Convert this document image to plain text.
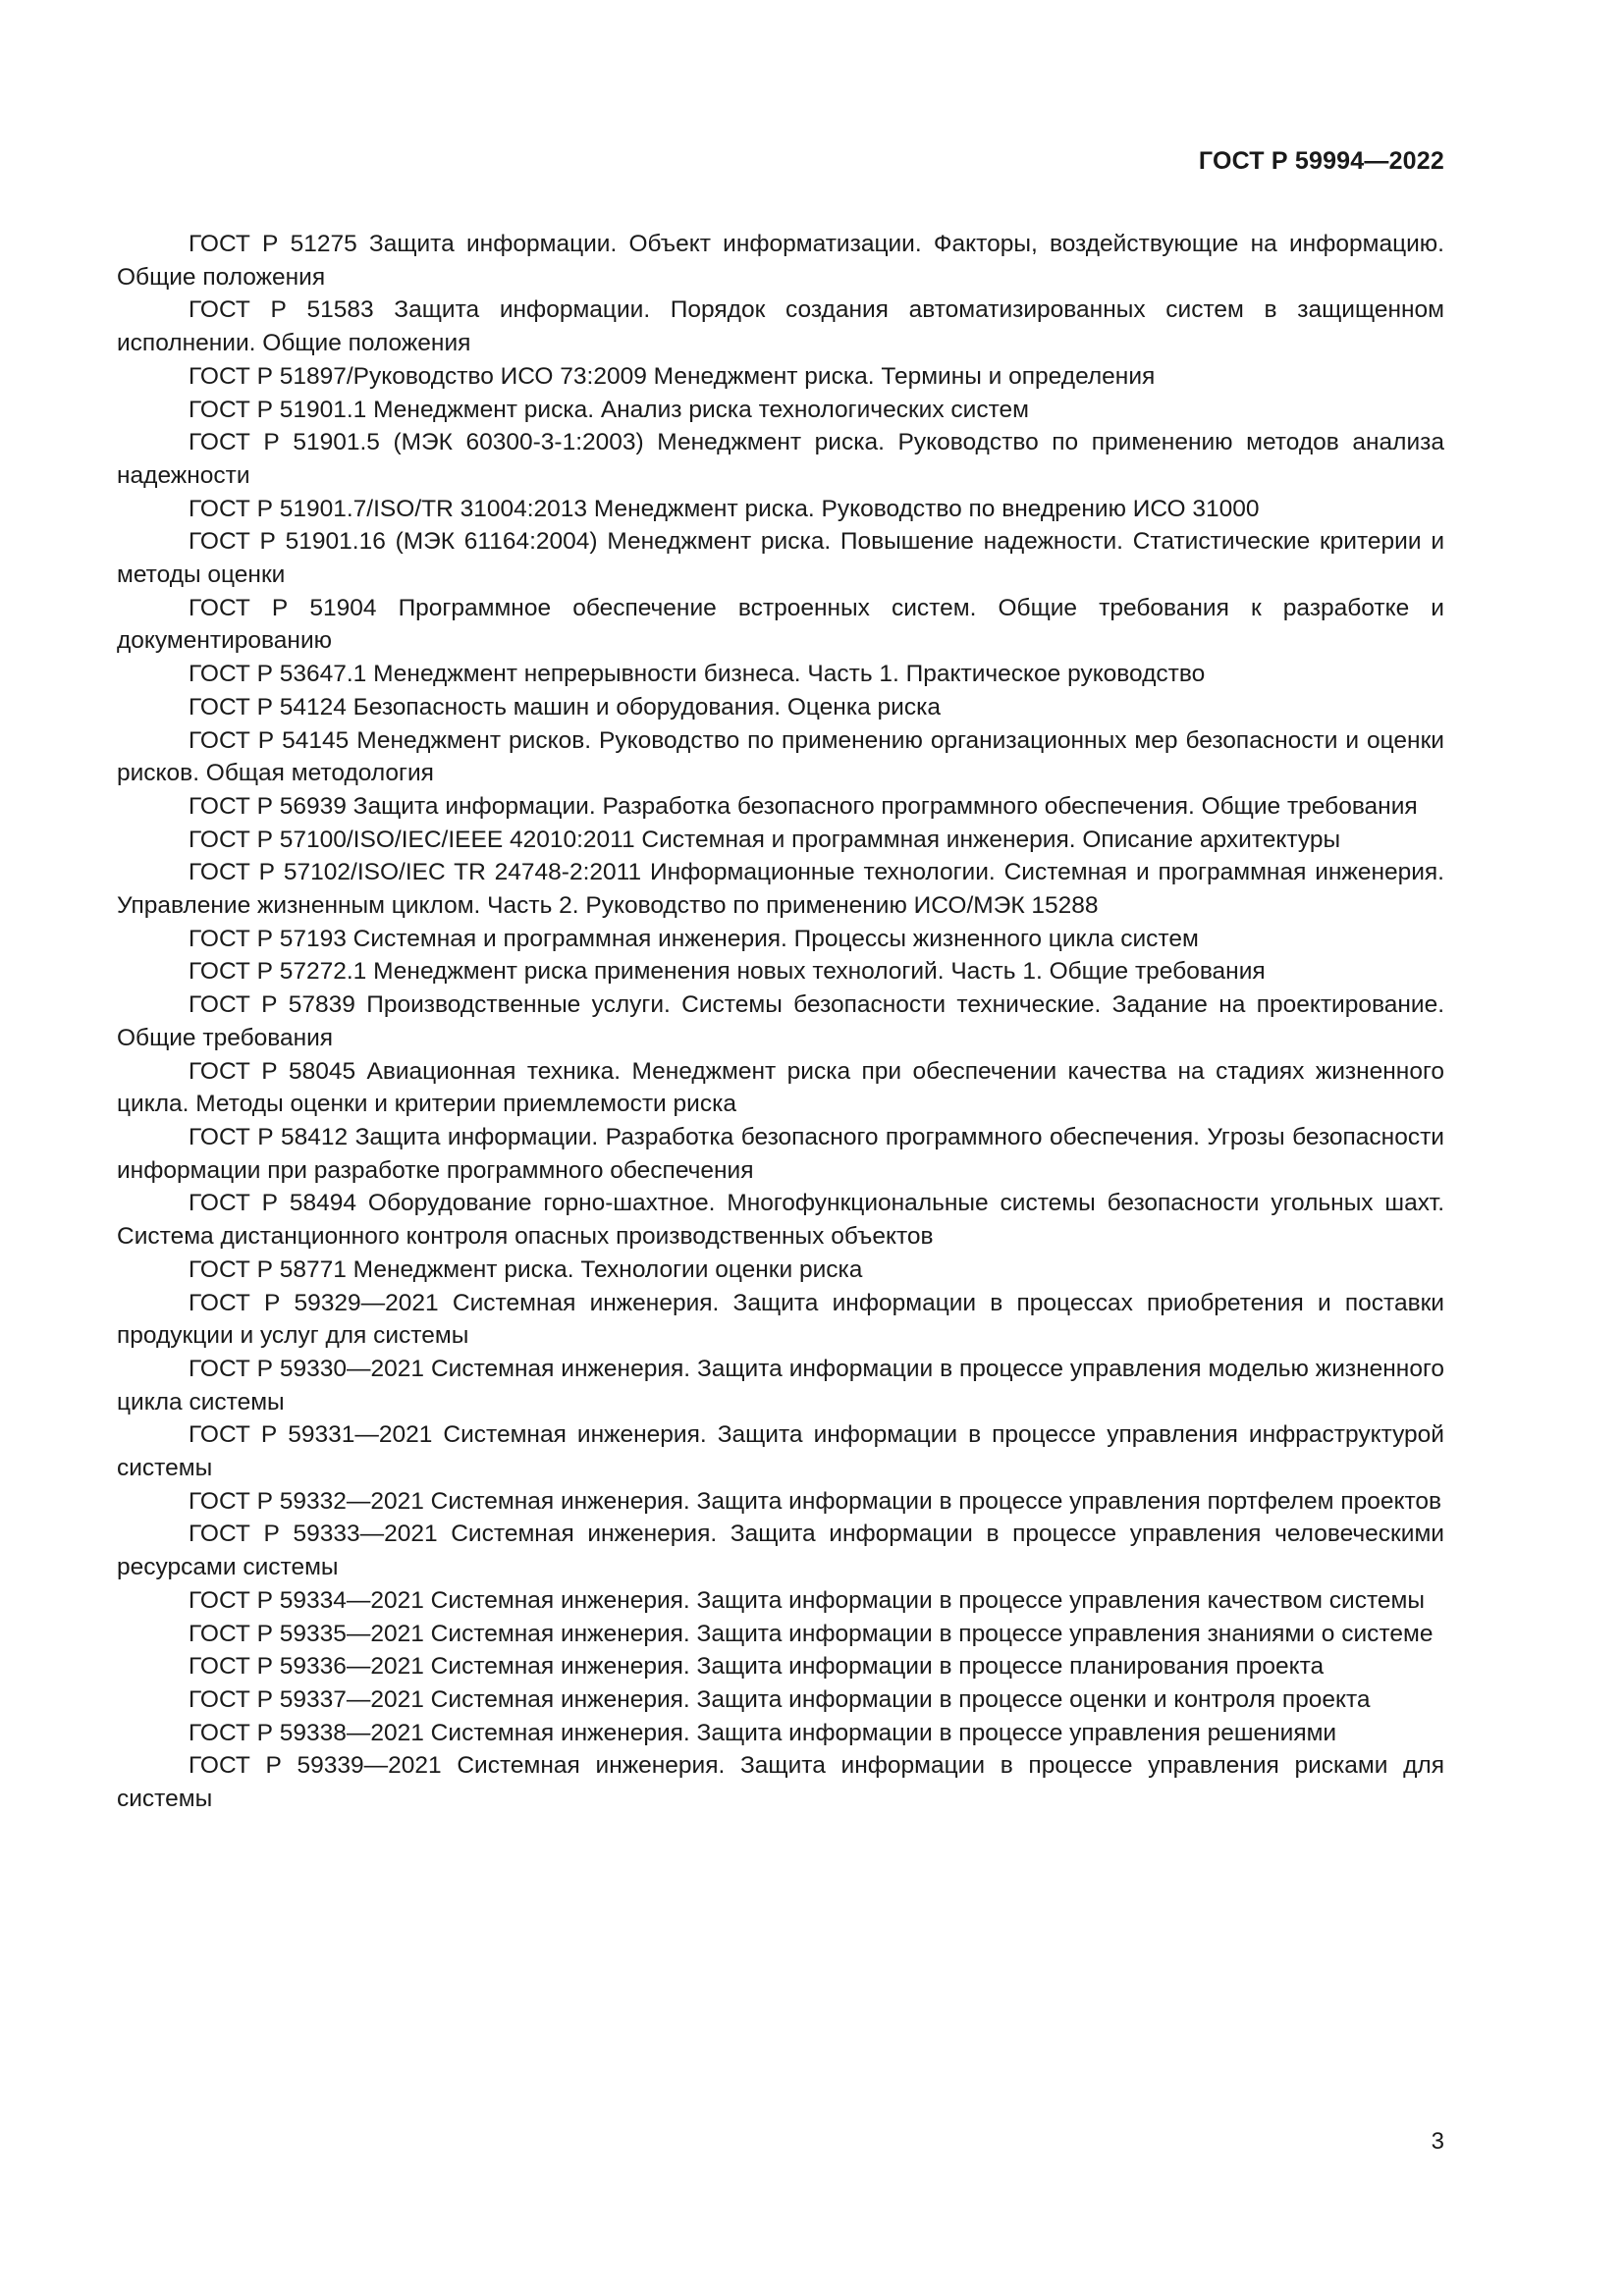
ГОСТ Р 59994—2022
ГОСТ Р 51275 Защита информации. Объект информатизации. Факторы, воздействующие на информацию. Общие положения
ГОСТ Р 51583 Защита информации. Порядок создания автоматизированных систем в защищенном исполнении. Общие положения
ГОСТ Р 51897/Руководство ИСО 73:2009 Менеджмент риска. Термины и определения
ГОСТ Р 51901.1 Менеджмент риска. Анализ риска технологических систем
ГОСТ Р 51901.5 (МЭК 60300-3-1:2003) Менеджмент риска. Руководство по применению методов анализа надежности
ГОСТ Р 51901.7/ISO/TR 31004:2013 Менеджмент риска. Руководство по внедрению ИСО 31000
ГОСТ Р 51901.16 (МЭК 61164:2004) Менеджмент риска. Повышение надежности. Статистические критерии и методы оценки
ГОСТ Р 51904 Программное обеспечение встроенных систем. Общие требования к разработке и документированию
ГОСТ Р 53647.1 Менеджмент непрерывности бизнеса. Часть 1. Практическое руководство
ГОСТ Р 54124 Безопасность машин и оборудования. Оценка риска
ГОСТ Р 54145 Менеджмент рисков. Руководство по применению организационных мер безопасности и оценки рисков. Общая методология
ГОСТ Р 56939 Защита информации. Разработка безопасного программного обеспечения. Общие требования
ГОСТ Р 57100/ISO/IEC/IEEE 42010:2011 Системная и программная инженерия. Описание архитектуры
ГОСТ Р 57102/ISO/IEC TR 24748-2:2011 Информационные технологии. Системная и программная инженерия. Управление жизненным циклом. Часть 2. Руководство по применению ИСО/МЭК 15288
ГОСТ Р 57193 Системная и программная инженерия. Процессы жизненного цикла систем
ГОСТ Р 57272.1 Менеджмент риска применения новых технологий. Часть 1. Общие требования
ГОСТ Р 57839 Производственные услуги. Системы безопасности технические. Задание на проектирование. Общие требования
ГОСТ Р 58045 Авиационная техника. Менеджмент риска при обеспечении качества на стадиях жизненного цикла. Методы оценки и критерии приемлемости риска
ГОСТ Р 58412 Защита информации. Разработка безопасного программного обеспечения. Угрозы безопасности информации при разработке программного обеспечения
ГОСТ Р 58494 Оборудование горно-шахтное. Многофункциональные системы безопасности угольных шахт. Система дистанционного контроля опасных производственных объектов
ГОСТ Р 58771 Менеджмент риска. Технологии оценки риска
ГОСТ Р 59329—2021 Системная инженерия. Защита информации в процессах приобретения и поставки продукции и услуг для системы
ГОСТ Р 59330—2021 Системная инженерия. Защита информации в процессе управления моделью жизненного цикла системы
ГОСТ Р 59331—2021 Системная инженерия. Защита информации в процессе управления инфраструктурой системы
ГОСТ Р 59332—2021 Системная инженерия. Защита информации в процессе управления портфелем проектов
ГОСТ Р 59333—2021 Системная инженерия. Защита информации в процессе управления человеческими ресурсами системы
ГОСТ Р 59334—2021 Системная инженерия. Защита информации в процессе управления качеством системы
ГОСТ Р 59335—2021 Системная инженерия. Защита информации в процессе управления знаниями о системе
ГОСТ Р 59336—2021 Системная инженерия. Защита информации в процессе планирования проекта
ГОСТ Р 59337—2021 Системная инженерия. Защита информации в процессе оценки и контроля проекта
ГОСТ Р 59338—2021 Системная инженерия. Защита информации в процессе управления решениями
ГОСТ Р 59339—2021 Системная инженерия. Защита информации в процессе управления рисками для системы
3
